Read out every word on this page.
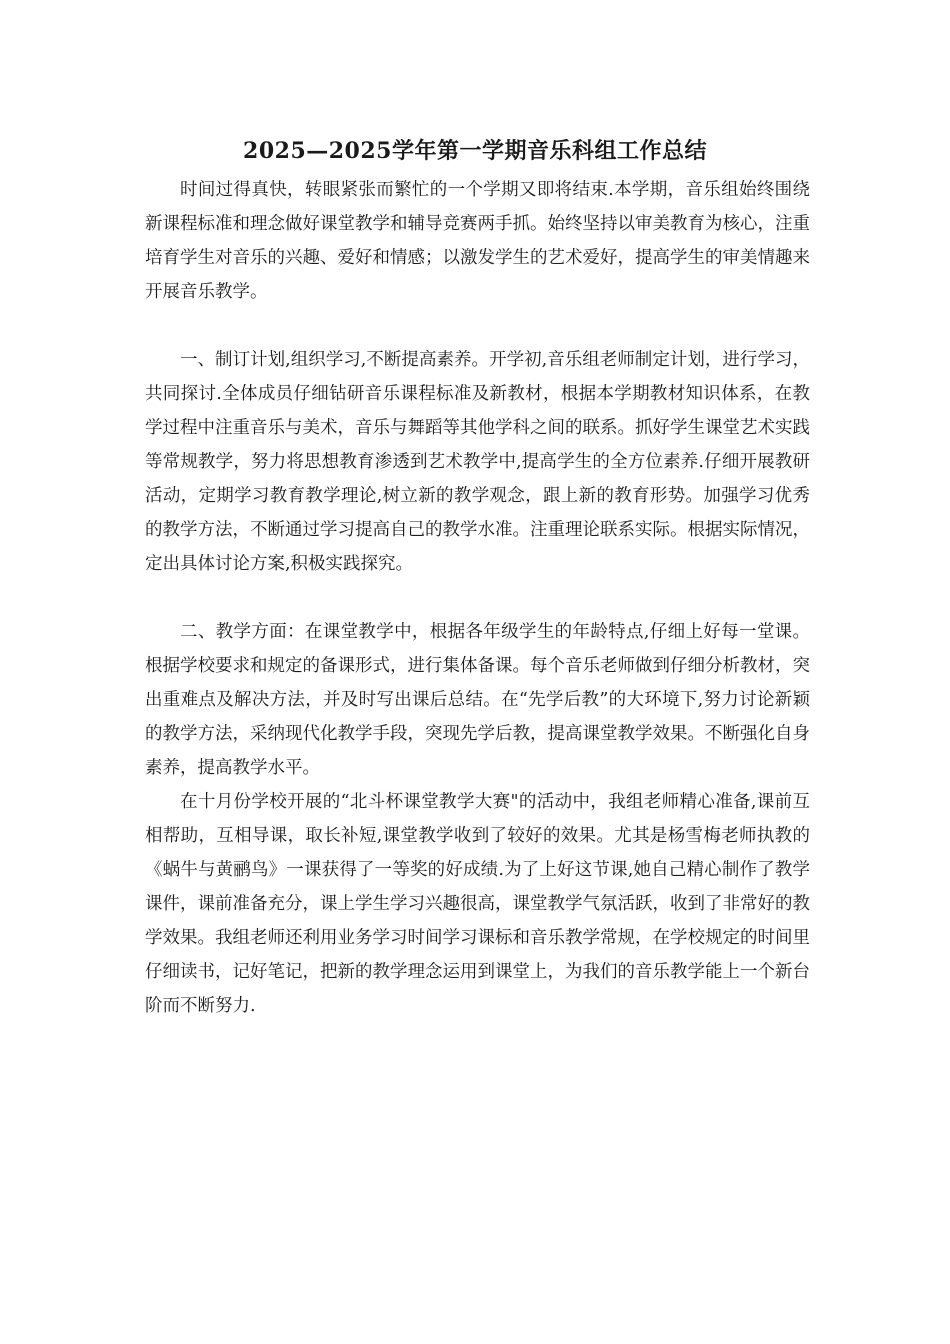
2025—2025学年第一学期音乐科组工作总结

时间过得真快，转眼紧张而繁忙的一个学期又即将结束.本学期，音乐组始终围绕新课程标准和理念做好课堂教学和辅导竞赛两手抓。始终坚持以审美教育为核心，注重培育学生对音乐的兴趣、爱好和情感；以激发学生的艺术爱好，提高学生的审美情趣来开展音乐教学。

一、制订计划,组织学习,不断提高素养。开学初,音乐组老师制定计划，进行学习，共同探讨.全体成员仔细钻研音乐课程标准及新教材，根据本学期教材知识体系，在教学过程中注重音乐与美术，音乐与舞蹈等其他学科之间的联系。抓好学生课堂艺术实践等常规教学，努力将思想教育渗透到艺术教学中,提高学生的全方位素养.仔细开展教研活动，定期学习教育教学理论,树立新的教学观念，跟上新的教育形势。加强学习优秀的教学方法，不断通过学习提高自己的教学水准。注重理论联系实际。根据实际情况，定出具体讨论方案,积极实践探究。

二、教学方面：在课堂教学中，根据各年级学生的年龄特点,仔细上好每一堂课。根据学校要求和规定的备课形式，进行集体备课。每个音乐老师做到仔细分析教材，突出重难点及解决方法，并及时写出课后总结。在“先学后教”的大环境下,努力讨论新颖的教学方法，采纳现代化教学手段，突现先学后教，提高课堂教学效果。不断强化自身素养，提高教学水平。

在十月份学校开展的“北斗杯课堂教学大赛"的活动中，我组老师精心准备,课前互相帮助，互相导课，取长补短,课堂教学收到了较好的效果。尤其是杨雪梅老师执教的《蜗牛与黄鹂鸟》一课获得了一等奖的好成绩.为了上好这节课,她自己精心制作了教学课件，课前准备充分，课上学生学习兴趣很高，课堂教学气氛活跃，收到了非常好的教学效果。我组老师还利用业务学习时间学习课标和音乐教学常规，在学校规定的时间里仔细读书，记好笔记，把新的教学理念运用到课堂上，为我们的音乐教学能上一个新台阶而不断努力.
